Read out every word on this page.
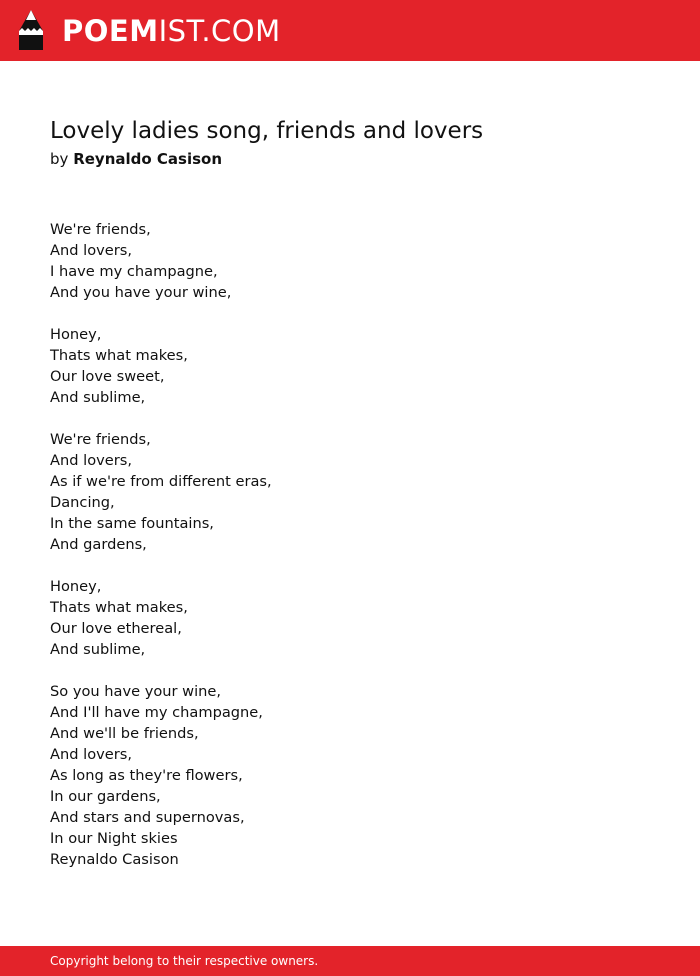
POEMIST.COM
Lovely ladies song, friends and lovers
by Reynaldo Casison
We're friends,
And lovers,
I have my champagne,
And you have your wine,
Honey,
Thats what makes,
Our love sweet,
And sublime,
We're friends,
And lovers,
As if we're from different eras,
Dancing,
In the same fountains,
And gardens,
Honey,
Thats what makes,
Our love ethereal,
And sublime,
So you have your wine,
And I'll have my champagne,
And we'll be friends,
And lovers,
As long as they're flowers,
In our gardens,
And stars and supernovas,
In our Night skies
Reynaldo Casison
Copyright belong to their respective owners.
